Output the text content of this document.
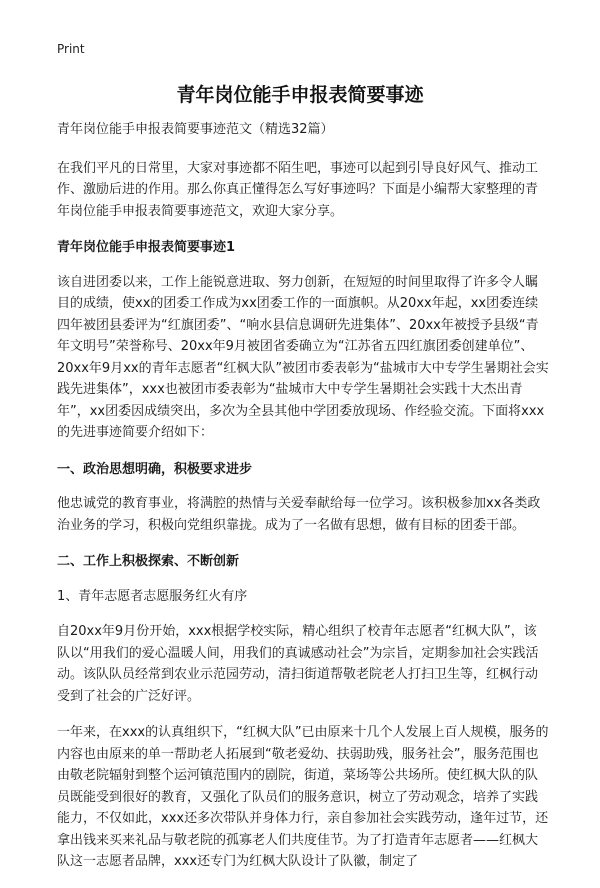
Print
青年岗位能手申报表简要事迹

青年岗位能手申报表简要事迹范文（精选32篇）

在我们平凡的日常里，大家对事迹都不陌生吧，事迹可以起到引导良好风气、推动工作、激励后进的作用。那么你真正懂得怎么写好事迹吗？下面是小编帮大家整理的青年岗位能手申报表简要事迹范文，欢迎大家分享。

青年岗位能手申报表简要事迹1

该自进团委以来，工作上能锐意进取、努力创新，在短短的时间里取得了许多令人瞩目的成绩，使xx的团委工作成为xx团委工作的一面旗帜。从20xx年起，xx团委连续四年被团县委评为“红旗团委”、“响水县信息调研先进集体”、20xx年被授予县级“青年文明号”荣誉称号、20xx年9月被团省委确立为“江苏省五四红旗团委创建单位”、20xx年9月xx的青年志愿者“红枫大队”被团市委表彰为“盐城市大中专学生暑期社会实践先进集体”，xxx也被团市委表彰为“盐城市大中专学生暑期社会实践十大杰出青年”，xx团委因成绩突出，多次为全县其他中学团委放现场、作经验交流。下面将xxx的先进事迹简要介绍如下：

一、政治思想明确，积极要求进步

他忠诚党的教育事业，将满腔的热情与关爱奉献给每一位学习。该积极参加xx各类政治业务的学习，积极向党组织靠拢。成为了一名做有思想，做有目标的团委干部。

二、工作上积极探索、不断创新

1、青年志愿者志愿服务红火有序

自20xx年9月份开始，xxx根据学校实际，精心组织了校青年志愿者“红枫大队”，该队以“用我们的爱心温暖人间，用我们的真诚感动社会”为宗旨，定期参加社会实践活动。该队队员经常到农业示范园劳动，清扫街道帮敬老院老人打扫卫生等，红枫行动受到了社会的广泛好评。

一年来，在xxx的认真组织下，“红枫大队”已由原来十几个人发展上百人规模，服务的内容也由原来的单一帮助老人拓展到“敬老爱幼、扶弱助残，服务社会”，服务范围也由敬老院辐射到整个运河镇范围内的剧院，街道，菜场等公共场所。使红枫大队的队员既能受到很好的教育，又强化了队员们的服务意识，树立了劳动观念，培养了实践能力，不仅如此，xxx还多次带队并身体力行，亲自参加社会实践劳动，逢年过节，还拿出钱来买来礼品与敬老院的孤寡老人们共度佳节。为了打造青年志愿者——红枫大队这一志愿者品牌，xxx还专门为红枫大队设计了队徽，制定了
